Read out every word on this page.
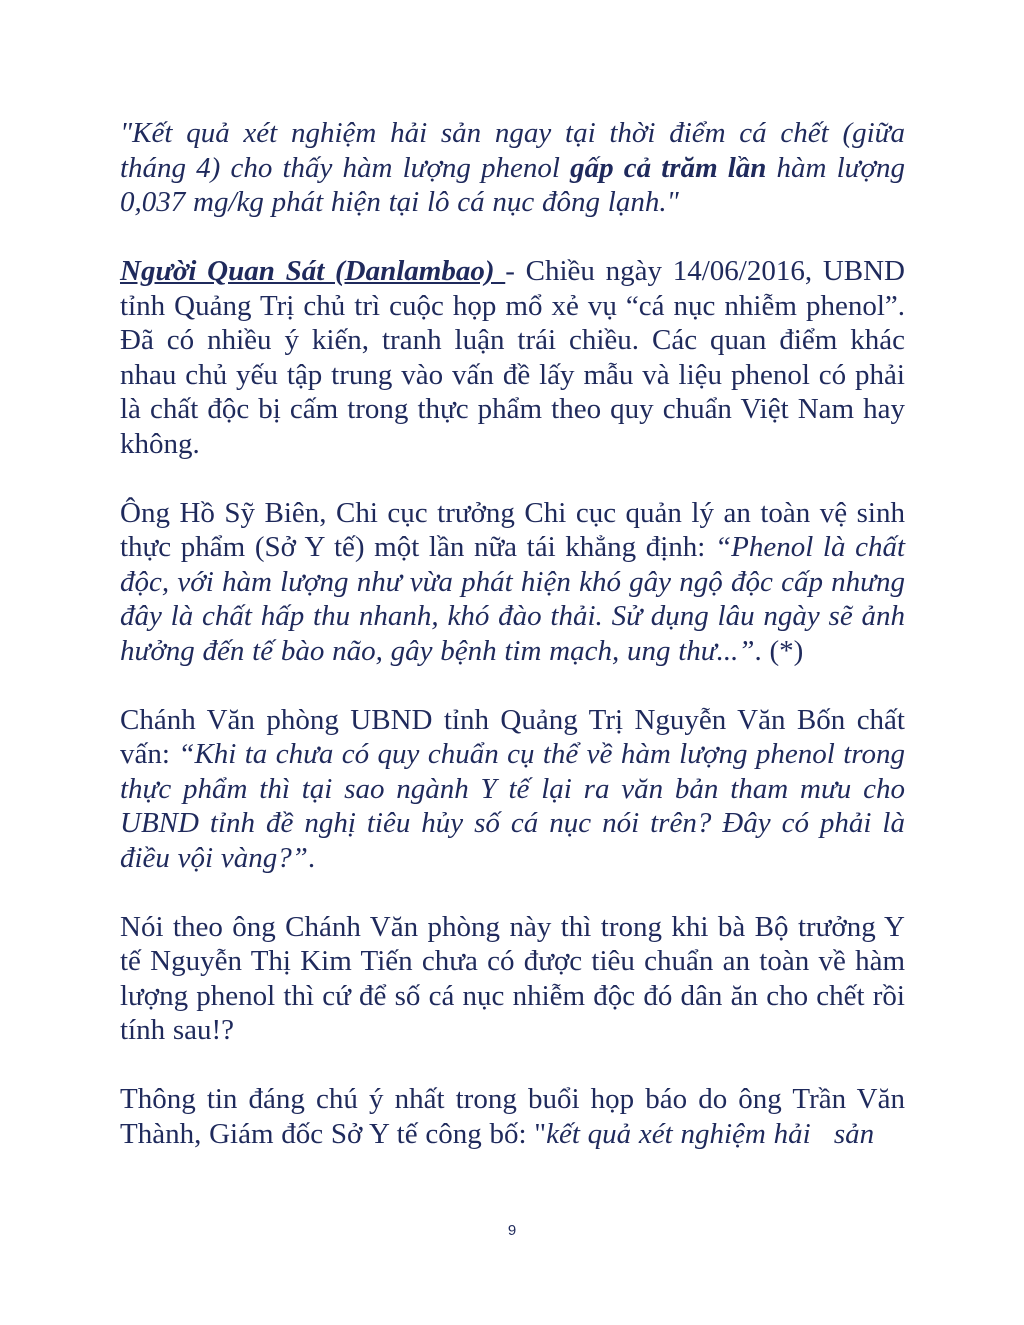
"Kết quả xét nghiệm hải sản ngay tại thời điểm cá chết (giữa tháng 4) cho thấy hàm lượng phenol gấp cả trăm lần hàm lượng 0,037 mg/kg phát hiện tại lô cá nục đông lạnh."

Người Quan Sát (Danlambao) - Chiều ngày 14/06/2016, UBND tỉnh Quảng Trị chủ trì cuộc họp mổ xẻ vụ “cá nục nhiễm phenol”. Đã có nhiều ý kiến, tranh luận trái chiều. Các quan điểm khác nhau chủ yếu tập trung vào vấn đề lấy mẫu và liệu phenol có phải là chất độc bị cấm trong thực phẩm theo quy chuẩn Việt Nam hay không.

Ông Hồ Sỹ Biên, Chi cục trưởng Chi cục quản lý an toàn vệ sinh thực phẩm (Sở Y tế) một lần nữa tái khẳng định: “Phenol là chất độc, với hàm lượng như vừa phát hiện khó gây ngộ độc cấp nhưng đây là chất hấp thu nhanh, khó đào thải. Sử dụng lâu ngày sẽ ảnh hưởng đến tế bào não, gây bệnh tim mạch, ung thư...”. (*)

Chánh Văn phòng UBND tỉnh Quảng Trị Nguyễn Văn Bốn chất vấn: “Khi ta chưa có quy chuẩn cụ thể về hàm lượng phenol trong thực phẩm thì tại sao ngành Y tế lại ra văn bản tham mưu cho UBND tỉnh đề nghị tiêu hủy số cá nục nói trên? Đây có phải là điều vội vàng?”.

Nói theo ông Chánh Văn phòng này thì trong khi bà Bộ trưởng Y tế Nguyễn Thị Kim Tiến chưa có được tiêu chuẩn an toàn về hàm lượng phenol thì cứ để số cá nục nhiễm độc đó dân ăn cho chết rồi tính sau!?

Thông tin đáng chú ý nhất trong buổi họp báo do ông Trần Văn Thành, Giám đốc Sở Y tế công bố: "kết quả xét nghiệm hải   sản

9
